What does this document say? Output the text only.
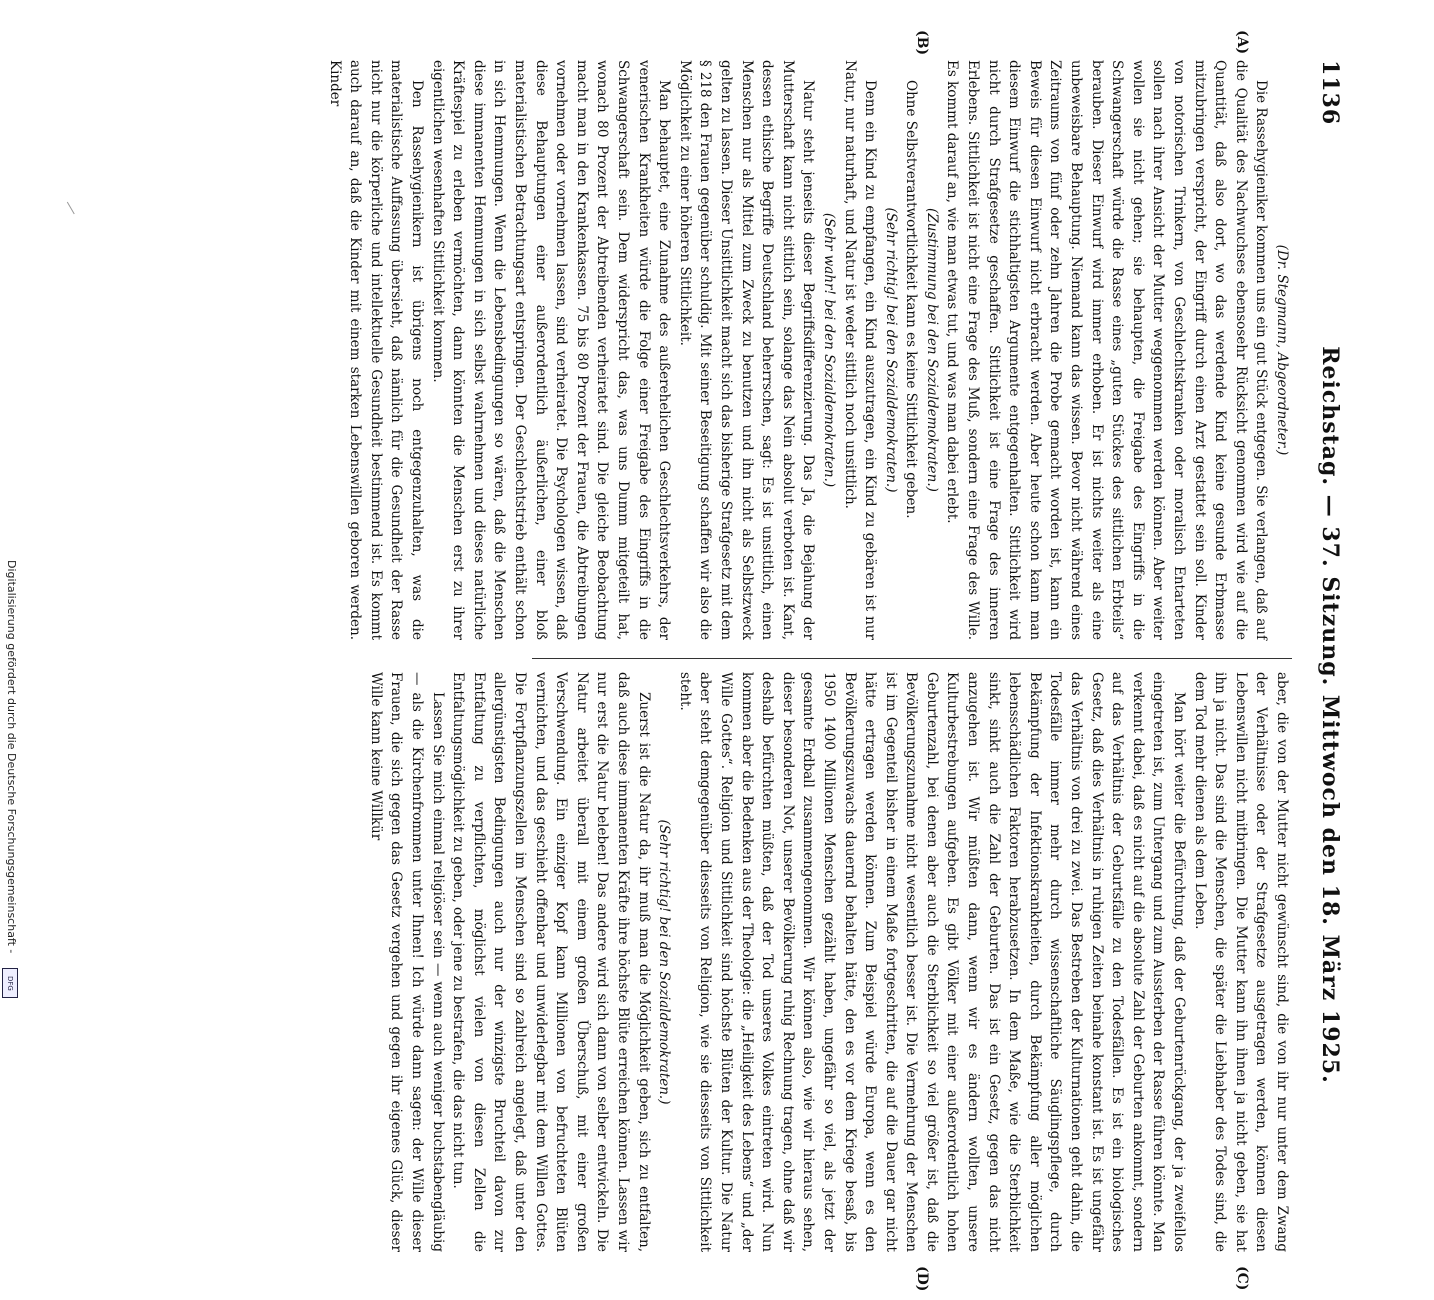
1136
Reichstag. — 37. Sitzung. Mittwoch den 18. März 1925.
(A)
(B)
(C)
(D)

(Dr. Stegmann, Abgeordneter.)

Die Rassehygieniker kommen uns ein gut Stück entgegen. Sie verlangen, daß auf die Qualität des Nachwuchses ebensosehr Rücksicht genommen wird wie auf die Quantität, daß also dort, wo das werdende Kind keine gesunde Erbmasse mitzubringen verspricht, der Eingriff durch einen Arzt gestattet sein soll. Kinder von notorischen Trinkern, von Geschlechtskranken oder moralisch Entarteten sollen nach ihrer Ansicht der Mutter weggenommen werden können. Aber weiter wollen sie nicht gehen; sie behaupten, die Freigabe des Eingriffs in die Schwangerschaft würde die Rasse eines „guten Stückes des sittlichen Erbteils“ berauben. Dieser Einwurf wird immer erhoben. Er ist nichts weiter als eine unbeweisbare Behauptung. Niemand kann das wissen. Bevor nicht während eines Zeitraums von fünf oder zehn Jahren die Probe gemacht worden ist, kann ein Beweis für diesen Einwurf nicht erbracht werden. Aber heute schon kann man diesem Einwurf die stichhaltigsten Argumente entgegenhalten. Sittlichkeit wird nicht durch Strafgesetze geschaffen. Sittlichkeit ist eine Frage des inneren Erlebens. Sittlichkeit ist nicht eine Frage des Muß, sondern eine Frage des Wille. Es kommt darauf an, wie man etwas tut, und was man dabei erlebt.

(Zustimmung bei den Sozialdemokraten.)

Ohne Selbstverantwortlichkeit kann es keine Sittlichkeit geben.

(Sehr richtig! bei den Sozialdemokraten.)

Denn ein Kind zu empfangen, ein Kind auszutragen, ein Kind zu gebären ist nur Natur, nur naturhaft, und Natur ist weder sittlich noch unsittlich.

(Sehr wahr! bei den Sozialdemokraten.)

Natur steht jenseits dieser Begriffsdifferenzierung. Das Ja, die Bejahung der Mutterschaft kann nicht sittlich sein, solange das Nein absolut verboten ist. Kant, dessen ethische Begriffe Deutschland beherrschen, sagt: Es ist unsittlich, einen Menschen nur als Mittel zum Zweck zu benutzen und ihn nicht als Selbstzweck gelten zu lassen. Dieser Unsittlichkeit macht sich das bisherige Strafgesetz mit dem § 218 den Frauen gegenüber schuldig. Mit seiner Beseitigung schaffen wir also die Möglichkeit zu einer höheren Sittlichkeit.

Man behauptet, eine Zunahme des außerehelichen Geschlechtsverkehrs, der venerischen Krankheiten würde die Folge einer Freigabe des Eingriffs in die Schwangerschaft sein. Dem widerspricht das, was uns Dumm mitgeteilt hat, wonach 80 Prozent der Abtreibenden verheiratet sind. Die gleiche Beobachtung macht man in den Krankenkassen. 75 bis 80 Prozent der Frauen, die Abtreibungen vornehmen oder vornehmen lassen, sind verheiratet. Die Psychologen wissen, daß diese Behauptungen einer außerordentlich äußerlichen, einer bloß materialistischen Betrachtungsart entspringen. Der Geschlechtstrieb enthält schon in sich Hemmungen. Wenn die Lebensbedingungen so wären, daß die Menschen diese immanenten Hemmungen in sich selbst wahrnehmen und dieses natürliche Kräftespiel zu erleben vermöchten, dann könnten die Menschen erst zu ihrer eigentlichen wesenhaften Sittlichkeit kommen.

Den Rassehygienikern ist übrigens noch entgegenzuhalten, was die materialistische Auffassung übersieht, daß nämlich für die Gesundheit der Rasse nicht nur die körperliche und intellektuelle Gesundheit bestimmend ist. Es kommt auch darauf an, daß die Kinder mit einem starken Lebenswillen geboren werden. Kinder

aber, die von der Mutter nicht gewünscht sind, die von ihr nur unter dem Zwang der Verhältnisse oder der Strafgesetze ausgetragen werden, können diesen Lebenswillen nicht mitbringen. Die Mutter kann ihn ihnen ja nicht geben, sie hat ihn ja nicht. Das sind die Menschen, die später die Liebhaber des Todes sind, die dem Tod mehr dienen als dem Leben.

Man hört weiter die Befürchtung, daß der Geburtenrückgang, der ja zweifellos eingetreten ist, zum Untergang und zum Aussterben der Rasse führen könnte. Man verkennt dabei, daß es nicht auf die absolute Zahl der Geburten ankommt, sondern auf das Verhältnis der Geburtsfälle zu den Todesfällen. Es ist ein biologisches Gesetz, daß dies Verhältnis in ruhigen Zeiten beinahe konstant ist. Es ist ungefähr das Verhältnis von drei zu zwei. Das Bestreben der Kulturnationen geht dahin, die Todesfälle immer mehr durch wissenschaftliche Säuglingspflege, durch Bekämpfung der Infektionskrankheiten, durch Bekämpfung aller möglichen lebensschädlichen Faktoren herabzusetzen. In dem Maße, wie die Sterblichkeit sinkt, sinkt auch die Zahl der Geburten. Das ist ein Gesetz, gegen das nicht anzugehen ist. Wir müßten dann, wenn wir es ändern wollten, unsere Kulturbestrebungen aufgeben. Es gibt Völker mit einer außerordentlich hohen Geburtenzahl, bei denen aber auch die Sterblichkeit so viel größer ist, daß die Bevölkerungszunahme nicht wesentlich besser ist. Die Vermehrung der Menschen ist im Gegenteil bisher in einem Maße fortgeschritten, die auf die Dauer gar nicht hätte ertragen werden können. Zum Beispiel würde Europa, wenn es den Bevölkerungszuwachs dauernd behalten hätte, den es vor dem Kriege besaß, bis 1950 1400 Millionen Menschen gezählt haben, ungefähr so viel, als jetzt der gesamte Erdball zusammengenommen. Wir können also, wie wir hieraus sehen, dieser besonderen Not, unserer Bevölkerung ruhig Rechnung tragen, ohne daß wir deshalb befürchten müßten, daß der Tod unseres Volkes eintreten wird. Nun kommen aber die Bedenken aus der Theologie: die „Heiligkeit des Lebens“ und „der Wille Gottes“. Religion und Sittlichkeit sind höchste Blüten der Kultur. Die Natur aber steht demgegenüber diesseits von Religion, wie sie diesseits von Sittlichkeit steht.

(Sehr richtig! bei den Sozialdemokraten.)

Zuerst ist die Natur da, ihr muß man die Möglichkeit geben, sich zu entfalten, daß auch diese immanenten Kräfte ihre höchste Blüte erreichen können. Lassen wir nur erst die Natur beleben! Das andere wird sich dann von selber entwickeln. Die Natur arbeitet überall mit einem großen Überschuß, mit einer großen Verschwendung. Ein einziger Kopf kann Millionen von befruchteten Blüten vernichten, und das geschieht offenbar und unwiderlegbar mit dem Willen Gottes. Die Fortpflanzungszellen im Menschen sind so zahlreich angelegt, daß unter den allergünstigsten Bedingungen auch nur der winzigste Bruchteil davon zur Entfaltung zu verpflichten, möglichst vielen von diesen Zellen die Entfaltungsmöglichkeit zu geben, oder jene zu bestrafen, die das nicht tun.

Lassen Sie mich einmal religiöser sein — wenn auch weniger buchstabengläubig — als die Kirchenfrommen unter Ihnen! Ich würde dann sagen: der Wille dieser Frauen, die sich gegen das Gesetz vergehen und gegen ihr eigenes Glück, dieser Wille kann keine Willkür

Digitalisierung gefördert durch die Deutsche Forschungsgemeinschaft -
DFG
